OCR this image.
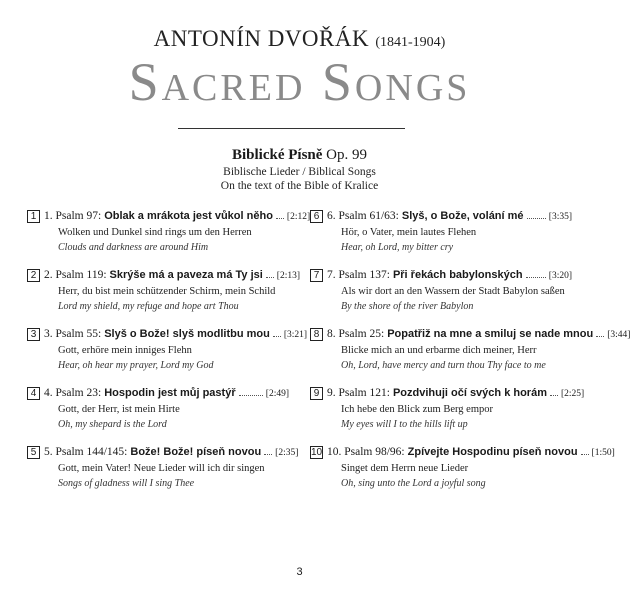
ANTONÍN DVOŘÁK (1841-1904)
Sacred Songs
Biblické Písně Op. 99
Biblische Lieder / Biblical Songs
On the text of the Bible of Kralice
1 1. Psalm 97: Oblak a mrákota jest vůkol něho [2:12]
Wolken und Dunkel sind rings um den Herren
Clouds and darkness are around Him
2 2. Psalm 119: Skrýše má a paveza má Ty jsi [2:13]
Herr, du bist mein schützender Schirm, mein Schild
Lord my shield, my refuge and hope art Thou
3 3. Psalm 55: Slyš o Bože! slyš modlitbu mou [3:21]
Gott, erhöre mein inniges Flehn
Hear, oh hear my prayer, Lord my God
4 4. Psalm 23: Hospodin jest můj pastýř	[2:49]
Gott, der Herr, ist mein Hirte
Oh, my shepard is the Lord
5 5. Psalm 144/145: Bože! Bože! píseň novou [2:35]
Gott, mein Vater! Neue Lieder will ich dir singen
Songs of gladness will I sing Thee
6 6. Psalm 61/63: Slyš, o Bože, volání mé	[3:35]
Hör, o Vater, mein lautes Flehen
Hear, oh Lord, my bitter cry
7 7. Psalm 137: Při řekách babylonských	[3:20]
Als wir dort an den Wassern der Stadt Babylon saßen
By the shore of the river Babylon
8 8. Psalm 25: Popatřiž na mne a smiluj se nade mnou [3:44]
Blicke mich an und erbarme dich meiner, Herr
Oh, Lord, have mercy and turn thou Thy face to me
9 9. Psalm 121: Pozdvihuji očí svých k horám [2:25]
Ich hebe den Blick zum Berg empor
My eyes will I to the hills lift up
10 10. Psalm 98/96: Zpívejte Hospodinu píseň novou [1:50]
Singet dem Herrn neue Lieder
Oh, sing unto the Lord a joyful song
3
